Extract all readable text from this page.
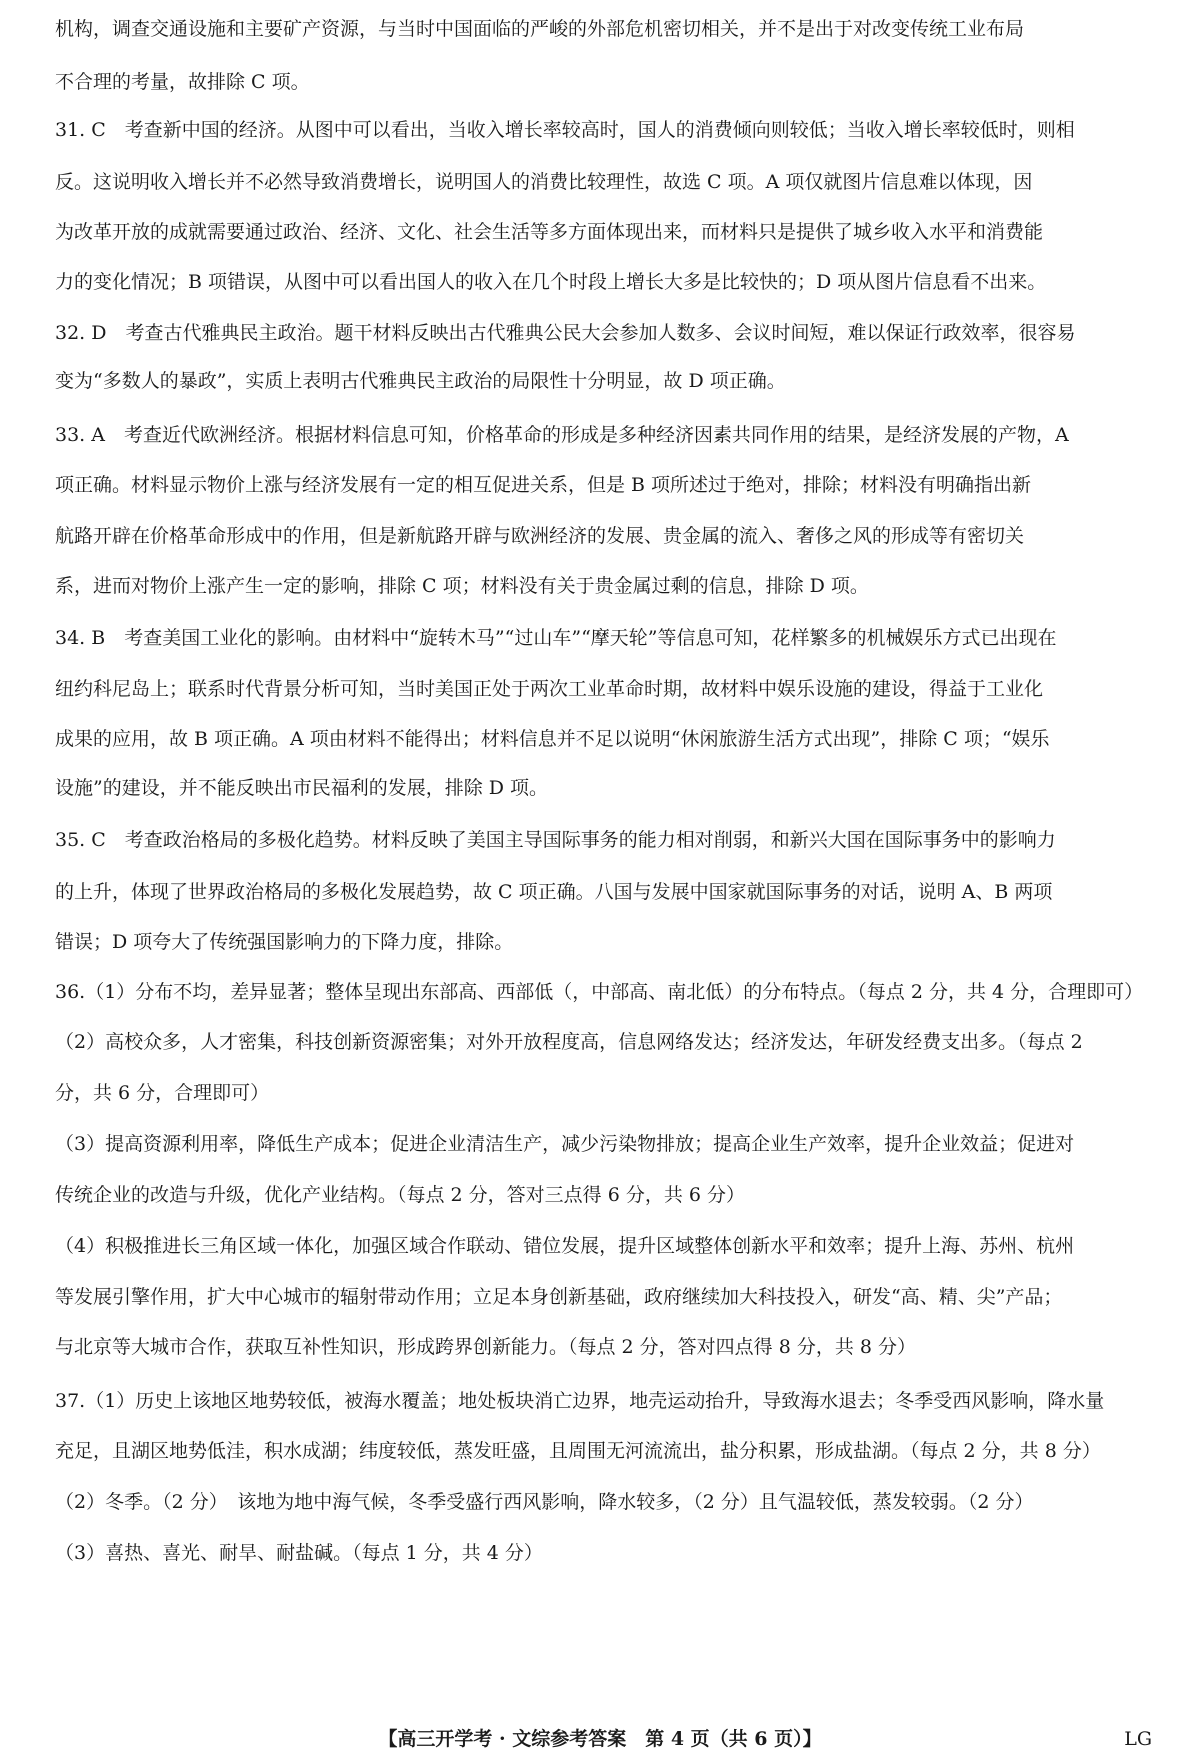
机构，调查交通设施和主要矿产资源，与当时中国面临的严峻的外部危机密切相关，并不是出于对改变传统工业布局
不合理的考量，故排除 C 项。
31. C　考查新中国的经济。从图中可以看出，当收入增长率较高时，国人的消费倾向则较低；当收入增长率较低时，则相
反。这说明收入增长并不必然导致消费增长，说明国人的消费比较理性，故选 C 项。A 项仅就图片信息难以体现，因
为改革开放的成就需要通过政治、经济、文化、社会生活等多方面体现出来，而材料只是提供了城乡收入水平和消费能
力的变化情况；B 项错误，从图中可以看出国人的收入在几个时段上增长大多是比较快的；D 项从图片信息看不出来。
32. D　考查古代雅典民主政治。题干材料反映出古代雅典公民大会参加人数多、会议时间短，难以保证行政效率，很容易
变为“多数人的暴政”，实质上表明古代雅典民主政治的局限性十分明显，故 D 项正确。
33. A　考查近代欧洲经济。根据材料信息可知，价格革命的形成是多种经济因素共同作用的结果，是经济发展的产物，A
项正确。材料显示物价上涨与经济发展有一定的相互促进关系，但是 B 项所述过于绝对，排除；材料没有明确指出新
航路开辟在价格革命形成中的作用，但是新航路开辟与欧洲经济的发展、贵金属的流入、奢侈之风的形成等有密切关
系，进而对物价上涨产生一定的影响，排除 C 项；材料没有关于贵金属过剩的信息，排除 D 项。
34. B　考查美国工业化的影响。由材料中“旋转木马”“过山车”“摩天轮”等信息可知，花样繁多的机械娱乐方式已出现在
纽约科尼岛上；联系时代背景分析可知，当时美国正处于两次工业革命时期，故材料中娱乐设施的建设，得益于工业化
成果的应用，故 B 项正确。A 项由材料不能得出；材料信息并不足以说明“休闲旅游生活方式出现”，排除 C 项；“娱乐
设施”的建设，并不能反映出市民福利的发展，排除 D 项。
35. C　考查政治格局的多极化趋势。材料反映了美国主导国际事务的能力相对削弱，和新兴大国在国际事务中的影响力
的上升，体现了世界政治格局的多极化发展趋势，故 C 项正确。八国与发展中国家就国际事务的对话，说明 A、B 两项
错误；D 项夸大了传统强国影响力的下降力度，排除。
36.（1）分布不均，差异显著；整体呈现出东部高、西部低（，中部高、南北低）的分布特点。（每点 2 分，共 4 分，合理即可）
（2）高校众多，人才密集，科技创新资源密集；对外开放程度高，信息网络发达；经济发达，年研发经费支出多。（每点 2
分，共 6 分，合理即可）
（3）提高资源利用率，降低生产成本；促进企业清洁生产，减少污染物排放；提高企业生产效率，提升企业效益；促进对
传统企业的改造与升级，优化产业结构。（每点 2 分，答对三点得 6 分，共 6 分）
（4）积极推进长三角区域一体化，加强区域合作联动、错位发展，提升区域整体创新水平和效率；提升上海、苏州、杭州
等发展引擎作用，扩大中心城市的辐射带动作用；立足本身创新基础，政府继续加大科技投入，研发“高、精、尖”产品；
与北京等大城市合作，获取互补性知识，形成跨界创新能力。（每点 2 分，答对四点得 8 分，共 8 分）
37.（1）历史上该地区地势较低，被海水覆盖；地处板块消亡边界，地壳运动抬升，导致海水退去；冬季受西风影响，降水量
充足，且湖区地势低洼，积水成湖；纬度较低，蒸发旺盛，且周围无河流流出，盐分积累，形成盐湖。（每点 2 分，共 8 分）
（2）冬季。（2 分）　该地为地中海气候，冬季受盛行西风影响，降水较多，（2 分）且气温较低，蒸发较弱。（2 分）
（3）喜热、喜光、耐旱、耐盐碱。（每点 1 分，共 4 分）
【高三开学考 · 文综参考答案　第 4 页（共 6 页）】	LG
